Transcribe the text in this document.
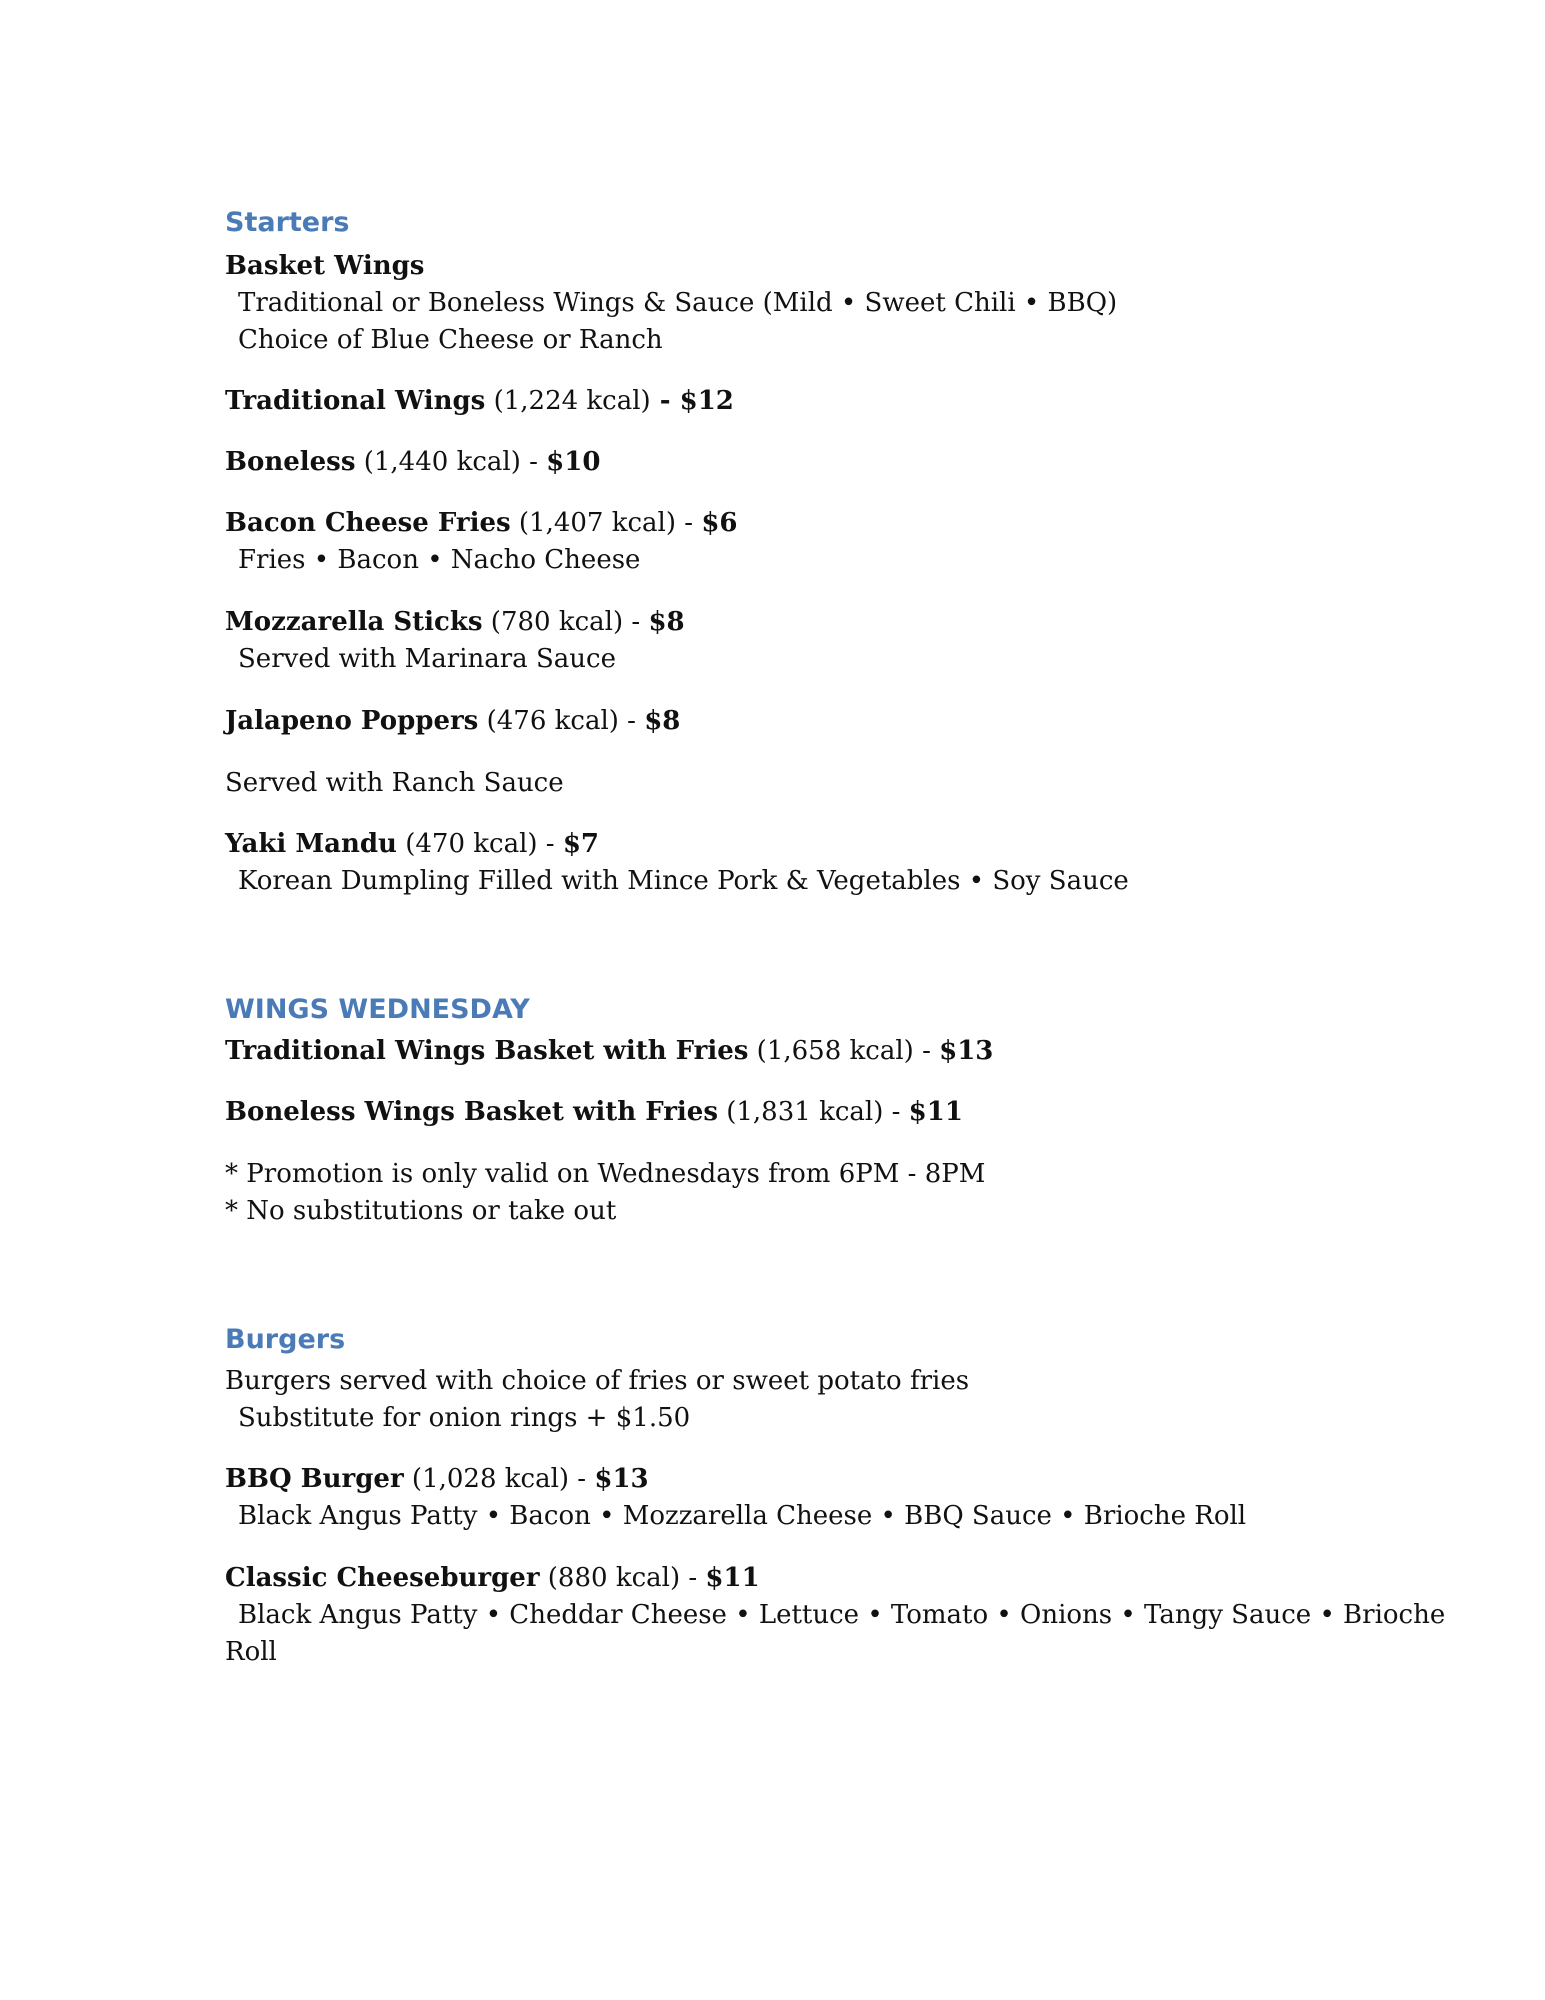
Starters

Basket Wings

Traditional or Boneless Wings & Sauce (Mild • Sweet Chili • BBQ)

Choice of Blue Cheese or Ranch

Traditional Wings (1,224 kcal) - $12

Boneless (1,440 kcal) - $10

Bacon Cheese Fries (1,407 kcal) - $6

Fries • Bacon • Nacho Cheese

Mozzarella Sticks (780 kcal) - $8

Served with Marinara Sauce

Jalapeno Poppers (476 kcal) - $8

Served with Ranch Sauce

Yaki Mandu (470 kcal) - $7

Korean Dumpling Filled with Mince Pork & Vegetables • Soy Sauce

WINGS WEDNESDAY

Traditional Wings Basket with Fries (1,658 kcal) - $13

Boneless Wings Basket with Fries (1,831 kcal) - $11

* Promotion is only valid on Wednesdays from 6PM - 8PM

* No substitutions or take out

Burgers

Burgers served with choice of fries or sweet potato fries

Substitute for onion rings + $1.50

BBQ Burger (1,028 kcal) - $13

Black Angus Patty • Bacon • Mozzarella Cheese • BBQ Sauce • Brioche Roll

Classic Cheeseburger (880 kcal) - $11

Black Angus Patty • Cheddar Cheese • Lettuce • Tomato • Onions • Tangy Sauce • Brioche

Roll
